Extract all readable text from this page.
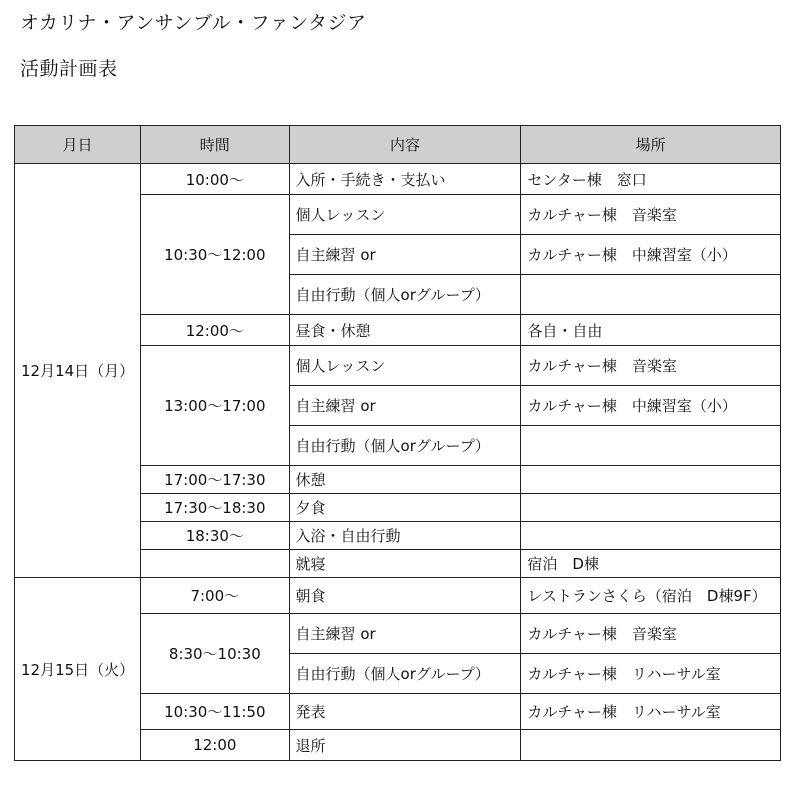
オカリナ・アンサンブル・ファンタジア
活動計画表
月日	時間	内容	場所
12月14日（月）	10:00〜	入所・手続き・支払い	センター棟　窓口
	10:30〜12:00	個人レッスン	カルチャー棟　音楽室
		自主練習 or	カルチャー棟　中練習室（小）
		自由行動（個人orグループ）	
	12:00〜	昼食・休憩	各自・自由
	13:00〜17:00	個人レッスン	カルチャー棟　音楽室
		自主練習 or	カルチャー棟　中練習室（小）
		自由行動（個人orグループ）	
	17:00〜17:30	休憩	
	17:30〜18:30	夕食	
	18:30〜	入浴・自由行動	
		就寝	宿泊　D棟
12月15日（火）	7:00〜	朝食	レストランさくら（宿泊　D棟9F）
	8:30〜10:30	自主練習 or	カルチャー棟　音楽室
		自由行動（個人orグループ）	カルチャー棟　リハーサル室
	10:30〜11:50	発表	カルチャー棟　リハーサル室
	12:00	退所	
